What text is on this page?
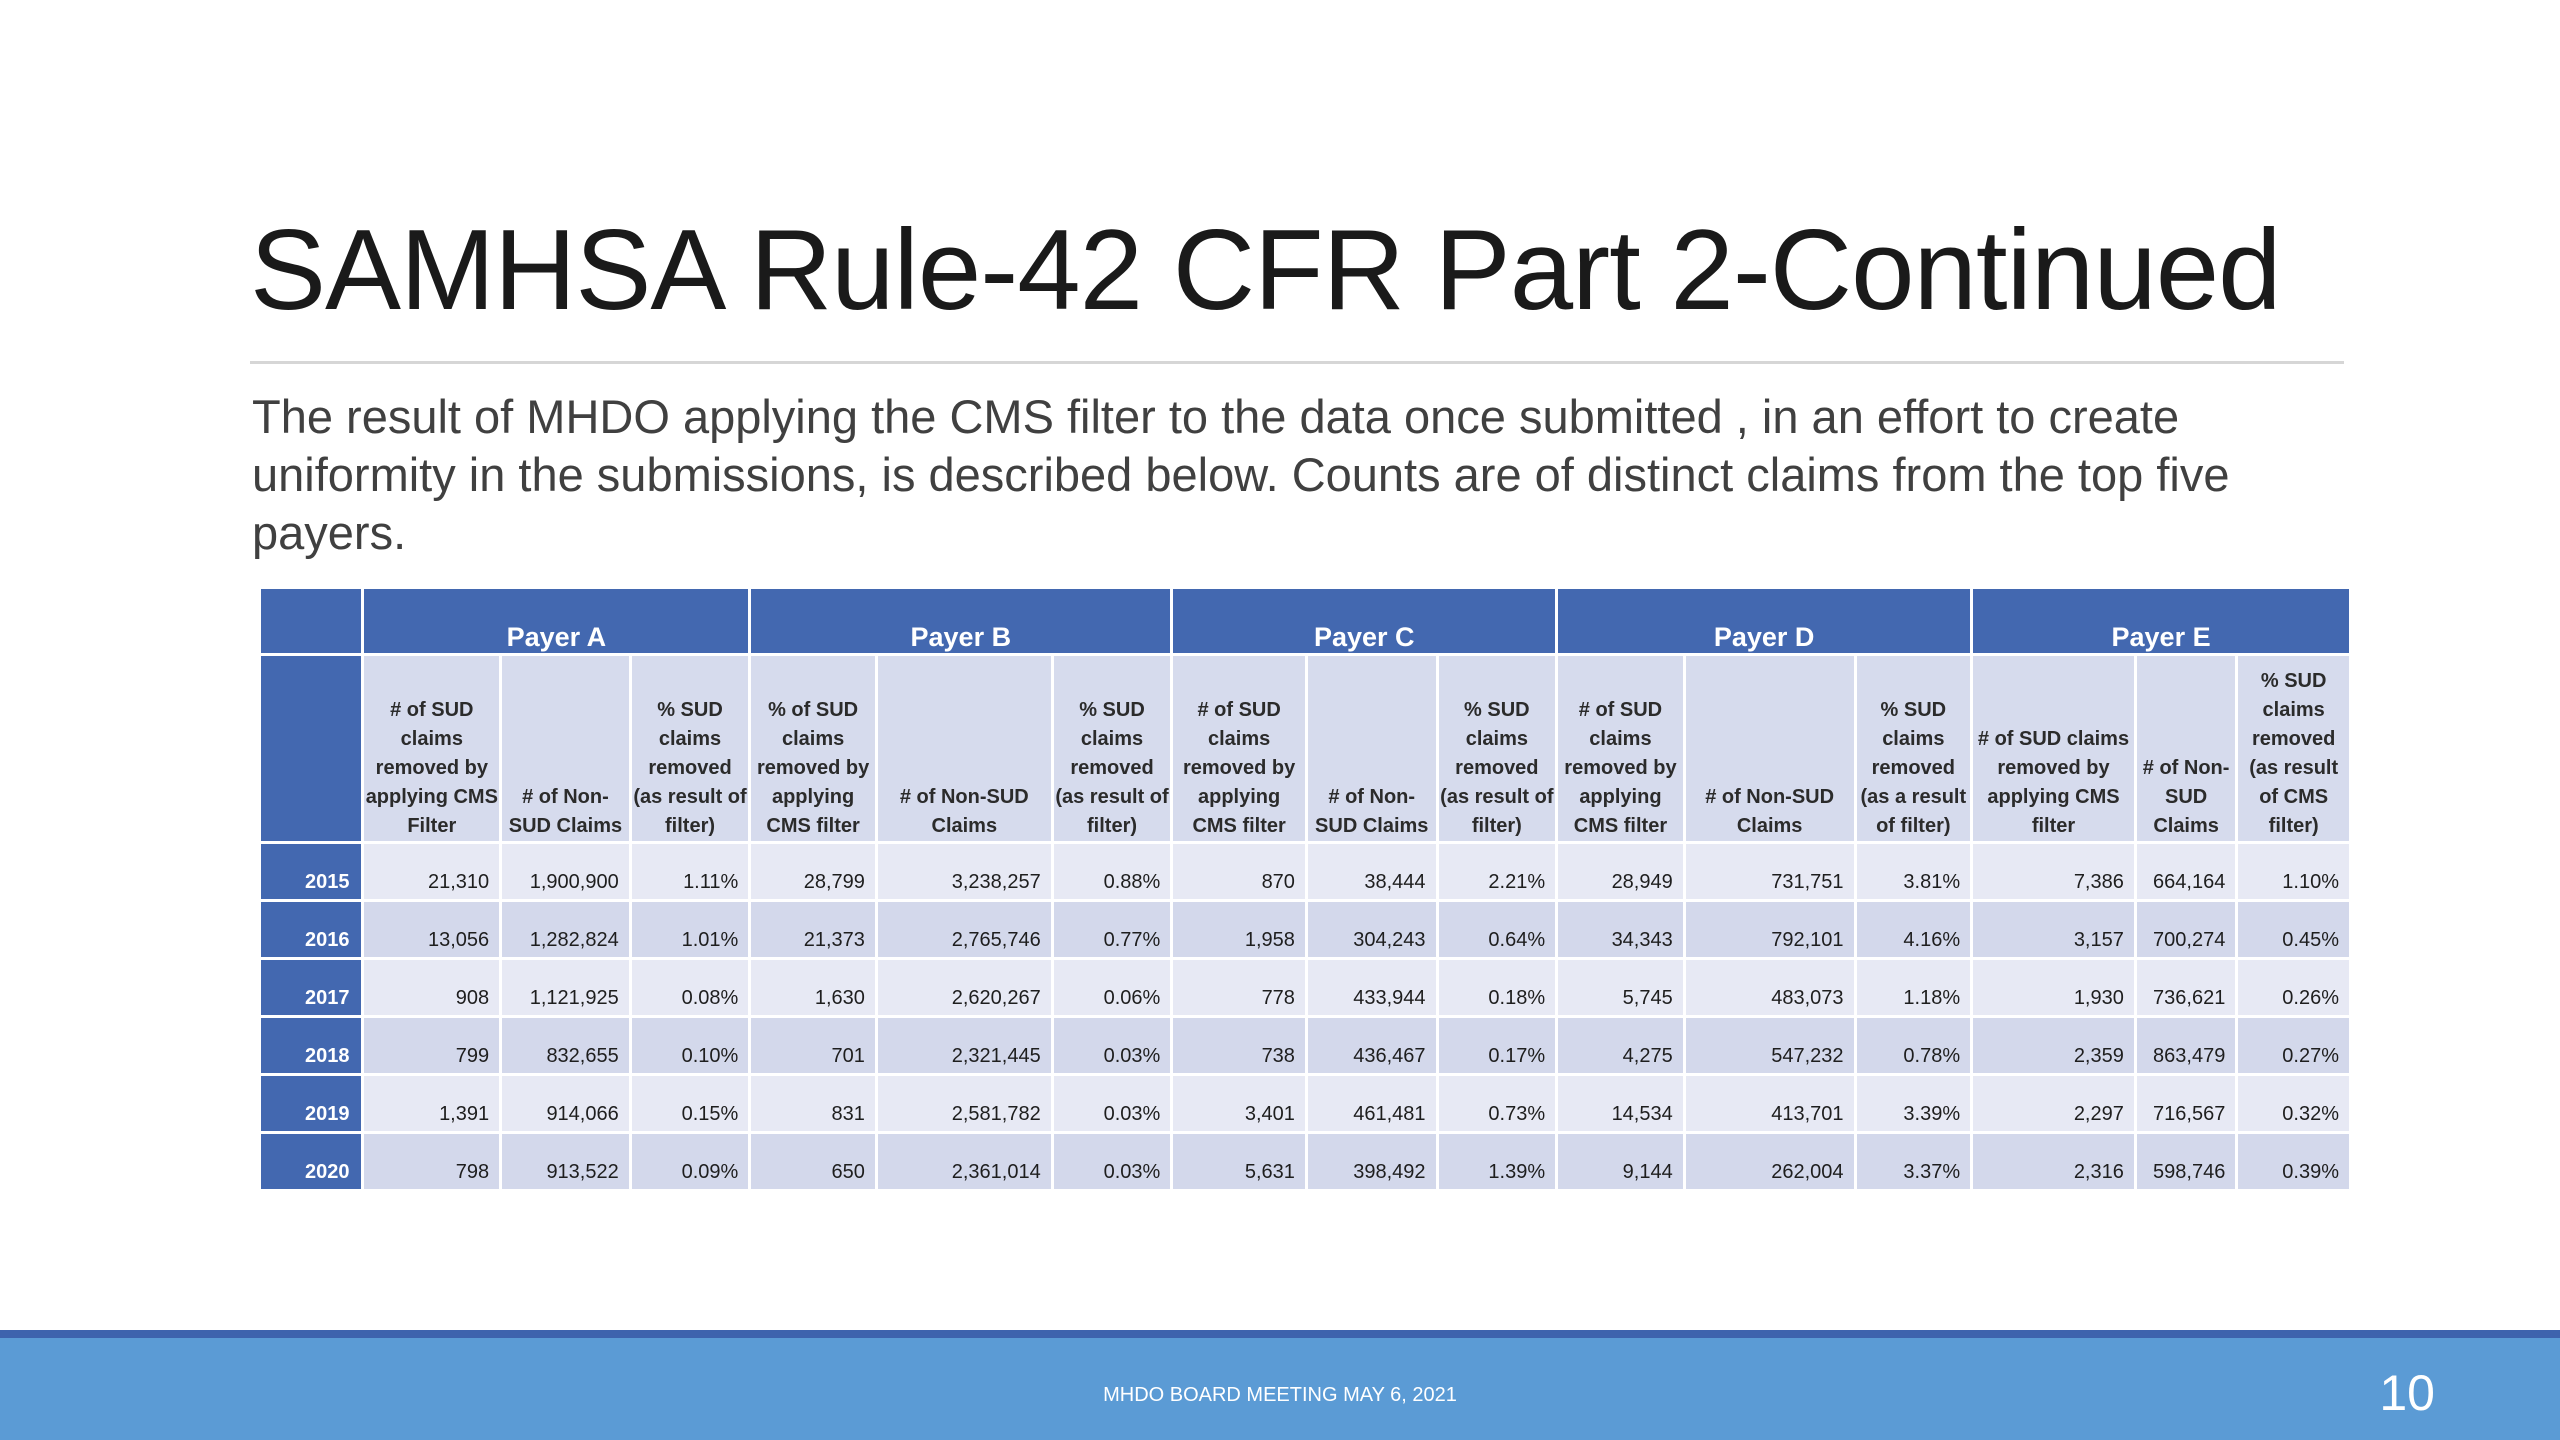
SAMHSA Rule-42 CFR Part 2-Continued
The result of MHDO applying the CMS filter to the data once submitted , in an effort to create uniformity in the submissions, is described below. Counts are of distinct claims from the top five payers.
	Payer A			Payer B			Payer C			Payer D			Payer E		

	# of SUD claims removed by applying CMS Filter	# of Non-SUD Claims	% SUD claims removed (as result of filter)	% of SUD claims removed by applying CMS filter	# of Non-SUD Claims	% SUD claims removed (as result of filter)	# of SUD claims removed by applying CMS filter	# of Non-SUD Claims	% SUD claims removed (as result of filter)	# of SUD claims removed by applying CMS filter	# of Non-SUD Claims	% SUD claims removed (as a result of filter)	# of SUD claims removed by applying CMS filter	# of Non-SUD Claims	% SUD claims removed (as result of CMS filter)

2015	21,310	1,900,900	1.11%	28,799	3,238,257	0.88%	870	38,444	2.21%	28,949	731,751	3.81%	7,386	664,164	1.10%

2016	13,056	1,282,824	1.01%	21,373	2,765,746	0.77%	1,958	304,243	0.64%	34,343	792,101	4.16%	3,157	700,274	0.45%

2017	908	1,121,925	0.08%	1,630	2,620,267	0.06%	778	433,944	0.18%	5,745	483,073	1.18%	1,930	736,621	0.26%

2018	799	832,655	0.10%	701	2,321,445	0.03%	738	436,467	0.17%	4,275	547,232	0.78%	2,359	863,479	0.27%

2019	1,391	914,066	0.15%	831	2,581,782	0.03%	3,401	461,481	0.73%	14,534	413,701	3.39%	2,297	716,567	0.32%

2020	798	913,522	0.09%	650	2,361,014	0.03%	5,631	398,492	1.39%	9,144	262,004	3.37%	2,316	598,746	0.39%
MHDO BOARD MEETING MAY 6, 2021	10
